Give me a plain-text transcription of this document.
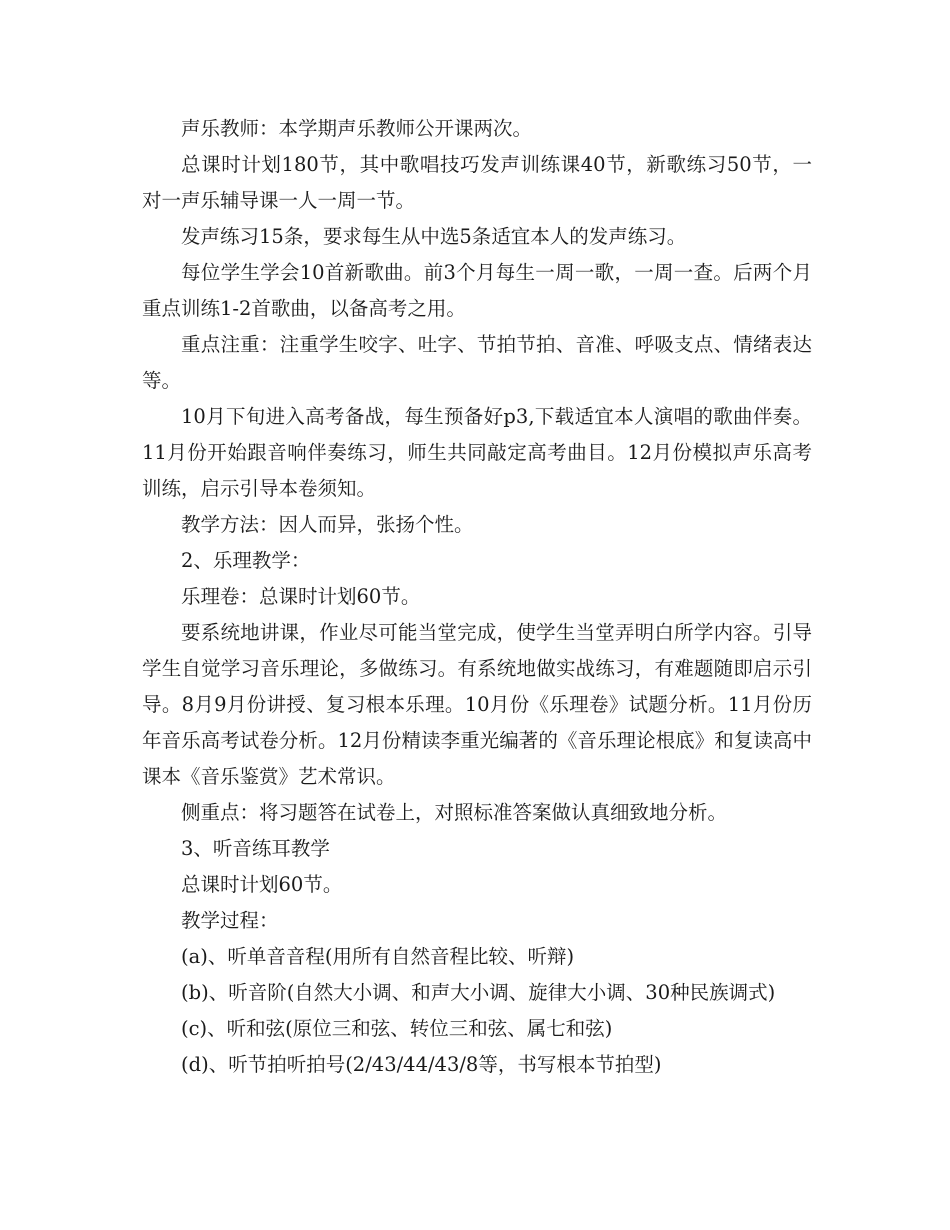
声乐教师：本学期声乐教师公开课两次。

总课时计划180节，其中歌唱技巧发声训练课40节，新歌练习50节，一对一声乐辅导课一人一周一节。

发声练习15条，要求每生从中选5条适宜本人的发声练习。

每位学生学会10首新歌曲。前3个月每生一周一歌，一周一查。后两个月重点训练1-2首歌曲，以备高考之用。

重点注重：注重学生咬字、吐字、节拍节拍、音准、呼吸支点、情绪表达等。

10月下旬进入高考备战，每生预备好p3,下载适宜本人演唱的歌曲伴奏。11月份开始跟音响伴奏练习，师生共同敲定高考曲目。12月份模拟声乐高考训练，启示引导本卷须知。

教学方法：因人而异，张扬个性。

2、乐理教学：

乐理卷：总课时计划60节。

要系统地讲课，作业尽可能当堂完成，使学生当堂弄明白所学内容。引导学生自觉学习音乐理论，多做练习。有系统地做实战练习，有难题随即启示引导。8月9月份讲授、复习根本乐理。10月份《乐理卷》试题分析。11月份历年音乐高考试卷分析。12月份精读李重光编著的《音乐理论根底》和复读高中课本《音乐鉴赏》艺术常识。

侧重点：将习题答在试卷上，对照标准答案做认真细致地分析。

3、听音练耳教学

总课时计划60节。

教学过程：

(a)、听单音音程(用所有自然音程比较、听辩)

(b)、听音阶(自然大小调、和声大小调、旋律大小调、30种民族调式)

(c)、听和弦(原位三和弦、转位三和弦、属七和弦)

(d)、听节拍听拍号(2/43/44/43/8等，书写根本节拍型)
